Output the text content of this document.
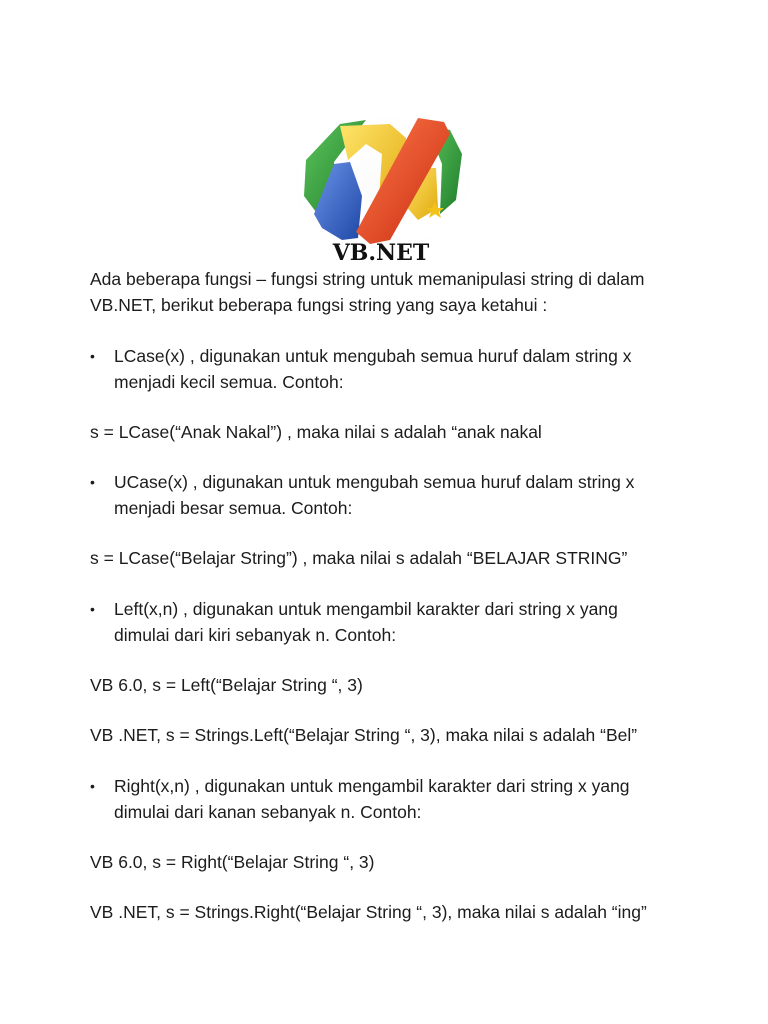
VB.NET
Ada beberapa fungsi – fungsi string untuk memanipulasi string di dalam
VB.NET, berikut beberapa fungsi string yang saya ketahui :
• LCase(x) , digunakan untuk mengubah semua huruf dalam string x
menjadi kecil semua. Contoh:
s = LCase(“Anak Nakal”) , maka nilai s adalah “anak nakal
• UCase(x) , digunakan untuk mengubah semua huruf dalam string x
menjadi besar semua. Contoh:
s = LCase(“Belajar String”) , maka nilai s adalah “BELAJAR STRING”
• Left(x,n) , digunakan untuk mengambil karakter dari string x yang
dimulai dari kiri sebanyak n. Contoh:
VB 6.0, s = Left(“Belajar String “, 3)
VB .NET, s = Strings.Left(“Belajar String “, 3), maka nilai s adalah “Bel”
• Right(x,n) , digunakan untuk mengambil karakter dari string x yang
dimulai dari kanan sebanyak n. Contoh:
VB 6.0, s = Right(“Belajar String “, 3)
VB .NET, s = Strings.Right(“Belajar String “, 3), maka nilai s adalah “ing”
